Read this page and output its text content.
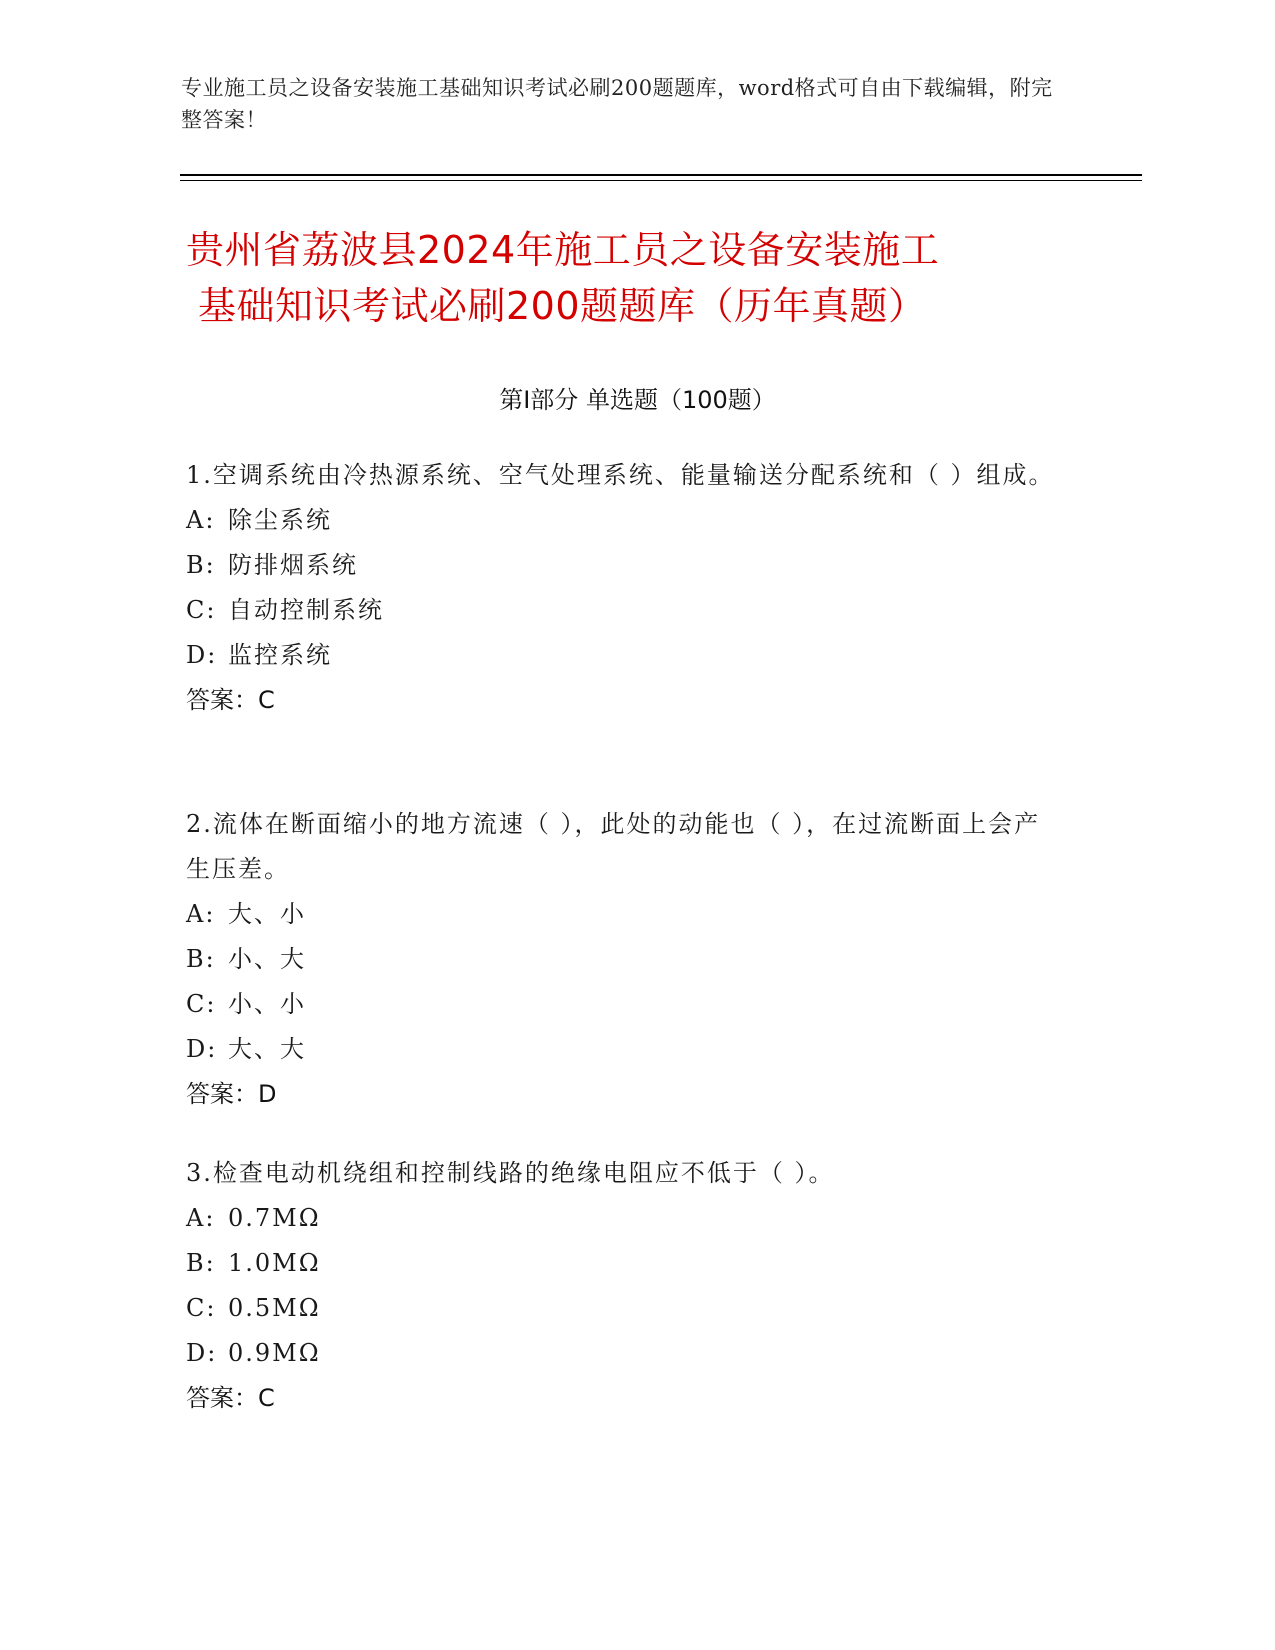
专业施工员之设备安装施工基础知识考试必刷200题题库，word格式可自由下载编辑，附完整答案！
贵州省荔波县2024年施工员之设备安装施工
基础知识考试必刷200题题库（历年真题）
第Ⅰ部分 单选题（100题）
1.空调系统由冷热源系统、空气处理系统、能量输送分配系统和（ ）组成。
A: 除尘系统
B: 防排烟系统
C: 自动控制系统
D: 监控系统
答案：C
2.流体在断面缩小的地方流速（ ），此处的动能也（ ），在过流断面上会产生压差。
A: 大、小
B: 小、大
C: 小、小
D: 大、大
答案：D
3.检查电动机绕组和控制线路的绝缘电阻应不低于（ ）。
A: 0.7MΩ
B: 1.0MΩ
C: 0.5MΩ
D: 0.9MΩ
答案：C
